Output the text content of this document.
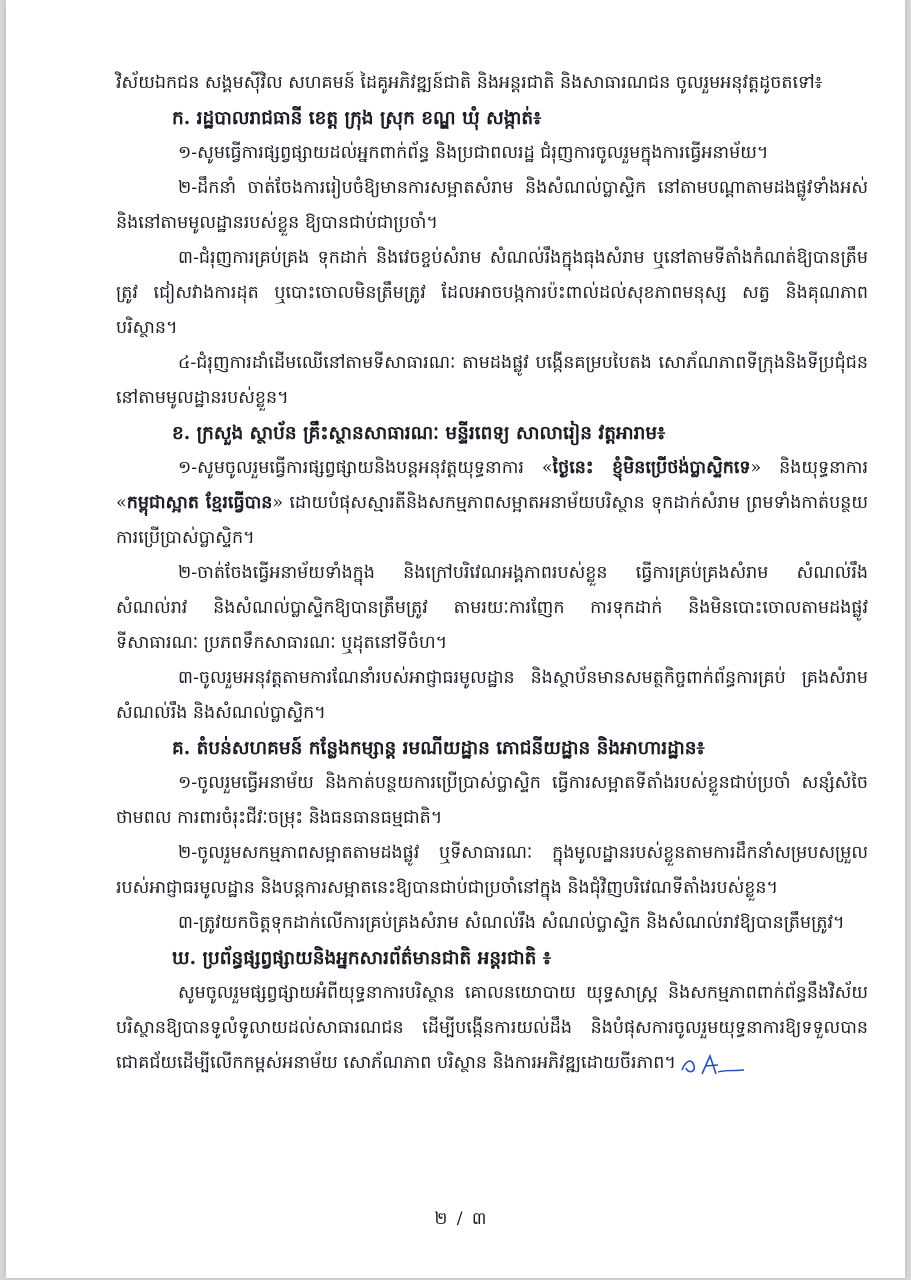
វិស័យឯកជន សង្គមស៊ីវិល សហគមន៍ ដៃគូអភិវឌ្ឍន៍ជាតិ និងអន្តរជាតិ និងសាធារណជន ចូលរួមអនុវត្តដូចតទៅ៖

ក. រដ្ឋបាលរាជធានី ខេត្ត ក្រុង ស្រុក ខណ្ឌ ឃុំ សង្កាត់៖

១-សូមធ្វើការផ្សព្វផ្សាយដល់អ្នកពាក់ព័ន្ធ និងប្រជាពលរដ្ឋ ជំរុញការចូលរួមក្នុងការធ្វើអនាម័យ។

២-ដឹកនាំ ចាត់ចែងការរៀបចំឱ្យមានការសម្អាតសំរាម និងសំណល់ប្លាស្ទិក នៅតាមបណ្ដាតាមដងផ្លូវទាំងអស់ និងនៅតាមមូលដ្ឋានរបស់ខ្លួន ឱ្យបានជាប់ជាប្រចាំ។

៣-ជំរុញការគ្រប់គ្រង ទុកដាក់ និងវេចខ្ចប់សំរាម សំណល់រឹងក្នុងធុងសំរាម ឬនៅតាមទីតាំងកំណត់ឱ្យបានត្រឹមត្រូវ ជៀសវាងការដុត ឬបោះចោលមិនត្រឹមត្រូវ ដែលអាចបង្កការប៉ះពាល់ដល់សុខភាពមនុស្ស សត្វ និងគុណភាពបរិស្ថាន។

៤-ជំរុញការដាំដើមឈើនៅតាមទីសាធារណៈ តាមដងផ្លូវ បង្កើនគម្របបៃតង សោភ័ណភាពទីក្រុងនិងទីប្រជុំជន នៅតាមមូលដ្ឋានរបស់ខ្លួន។

ខ. ក្រសួង ស្ថាប័ន គ្រឹះស្ថានសាធារណៈ មន្ទីរពេទ្យ សាលារៀន វត្តអារាម៖

១-សូមចូលរួមធ្វើការផ្សព្វផ្សាយនិងបន្តអនុវត្តយុទ្ធនាការ «ថ្ងៃនេះ ខ្ញុំមិនប្រើថង់ប្លាស្ទិកទេ» និងយុទ្ធនាការ «កម្ពុជាស្អាត ខ្មែរធ្វើបាន» ដោយបំផុសស្មារតីនិងសកម្មភាពសម្អាតអនាម័យបរិស្ថាន ទុកដាក់សំរាម ព្រមទាំងកាត់បន្ថយការប្រើប្រាស់ប្លាស្ទិក។

២-ចាត់ចែងធ្វើអនាម័យទាំងក្នុង និងក្រៅបរិវេណអង្គភាពរបស់ខ្លួន ធ្វើការគ្រប់គ្រងសំរាម សំណល់រឹង សំណល់រាវ និងសំណល់ប្លាស្ទិកឱ្យបានត្រឹមត្រូវ តាមរយៈការញែក ការទុកដាក់ និងមិនបោះចោលតាមដងផ្លូវ ទីសាធារណៈ ប្រភពទឹកសាធារណៈ ឬដុតនៅទីចំហ។

៣-ចូលរួមអនុវត្តតាមការណែនាំរបស់អាជ្ញាធរមូលដ្ឋាន និងស្ថាប័នមានសមត្ថកិច្ចពាក់ព័ន្ធការគ្រប់ គ្រងសំរាម សំណល់រឹង និងសំណល់ប្លាស្ទិក។

គ. តំបន់សហគមន៍ កន្លែងកម្សាន្ត រមណីយដ្ឋាន ភោជនីយដ្ឋាន និងអាហារដ្ឋាន៖

១-ចូលរួមធ្វើអនាម័យ និងកាត់បន្ថយការប្រើប្រាស់ប្លាស្ទិក ធ្វើការសម្អាតទីតាំងរបស់ខ្លួនជាប់ប្រចាំ សន្សំសំចៃថាមពល ការពារចំរុះជីវៈចម្រុះ និងធនធានធម្មជាតិ។

២-ចូលរួមសកម្មភាពសម្អាតតាមដងផ្លូវ ឬទីសាធារណៈ ក្នុងមូលដ្ឋានរបស់ខ្លួនតាមការដឹកនាំសម្របសម្រួលរបស់អាជ្ញាធរមូលដ្ឋាន និងបន្តការសម្អាតនេះឱ្យបានជាប់ជាប្រចាំនៅក្នុង និងជុំវិញបរិវេណទីតាំងរបស់ខ្លួន។

៣-ត្រូវយកចិត្តទុកដាក់លើការគ្រប់គ្រងសំរាម សំណល់រឹង សំណល់ប្លាស្ទិក និងសំណល់រាវឱ្យបានត្រឹមត្រូវ។

ឃ. ប្រព័ន្ធផ្សព្វផ្សាយនិងអ្នកសារព័ត៌មានជាតិ អន្តរជាតិ ៖

សូមចូលរួមផ្សព្វផ្សាយអំពីយុទ្ធនាការបរិស្ថាន គោលនយោបាយ យុទ្ធសាស្ត្រ និងសកម្មភាពពាក់ព័ន្ធនឹងវិស័យបរិស្ថានឱ្យបានទូលំទូលាយដល់សាធារណជន ដើម្បីបង្កើនការយល់ដឹង និងបំផុសការចូលរួមយុទ្ធនាការឱ្យទទួលបានជោគជ័យដើម្បីលើកកម្ពស់អនាម័យ សោភ័ណភាព បរិស្ថាន និងការអភិវឌ្ឍដោយចីរភាព។

២ / ៣
